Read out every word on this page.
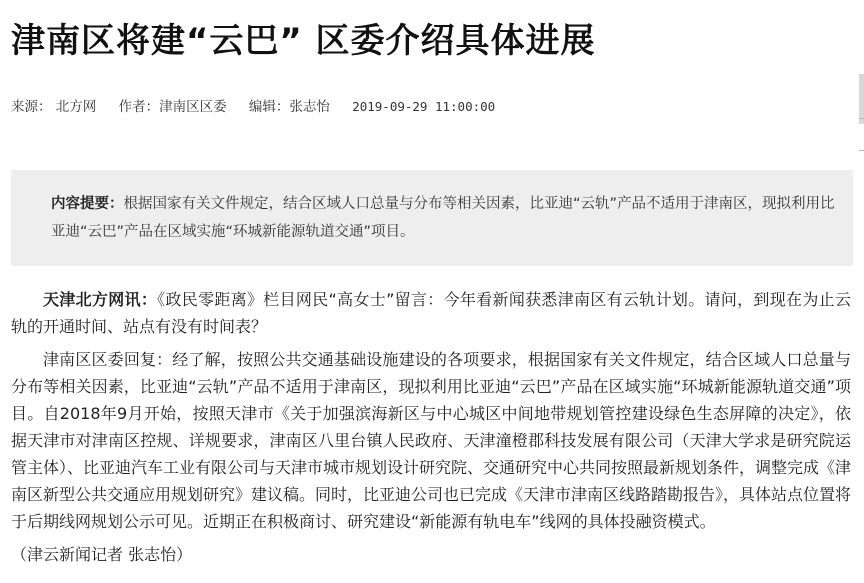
津南区将建“云巴” 区委介绍具体进展
来源： 北方网 作者：津南区区委 编辑：张志怡 2019-09-29 11:00:00
内容提要：根据国家有关文件规定，结合区域人口总量与分布等相关因素，比亚迪“云轨”产品不适用于津南区，现拟利用比亚迪“云巴”产品在区域实施“环城新能源轨道交通”项目。

天津北方网讯：《政民零距离》栏目网民“高女士”留言：今年看新闻获悉津南区有云轨计划。请问，到现在为止云轨的开通时间、站点有没有时间表？

津南区区委回复：经了解，按照公共交通基础设施建设的各项要求，根据国家有关文件规定，结合区域人口总量与分布等相关因素，比亚迪“云轨”产品不适用于津南区，现拟利用比亚迪“云巴”产品在区域实施“环城新能源轨道交通”项目。自2018年9月开始，按照天津市《关于加强滨海新区与中心城区中间地带规划管控建设绿色生态屏障的决定》，依据天津市对津南区控规、详规要求，津南区八里台镇人民政府、天津潼橙郡科技发展有限公司（天津大学求是研究院运管主体）、比亚迪汽车工业有限公司与天津市城市规划设计研究院、交通研究中心共同按照最新规划条件，调整完成《津南区新型公共交通应用规划研究》建议稿。同时，比亚迪公司也已完成《天津市津南区线路踏勘报告》，具体站点位置将于后期线网规划公示可见。近期正在积极商讨、研究建设“新能源有轨电车”线网的具体投融资模式。

（津云新闻记者 张志怡）
